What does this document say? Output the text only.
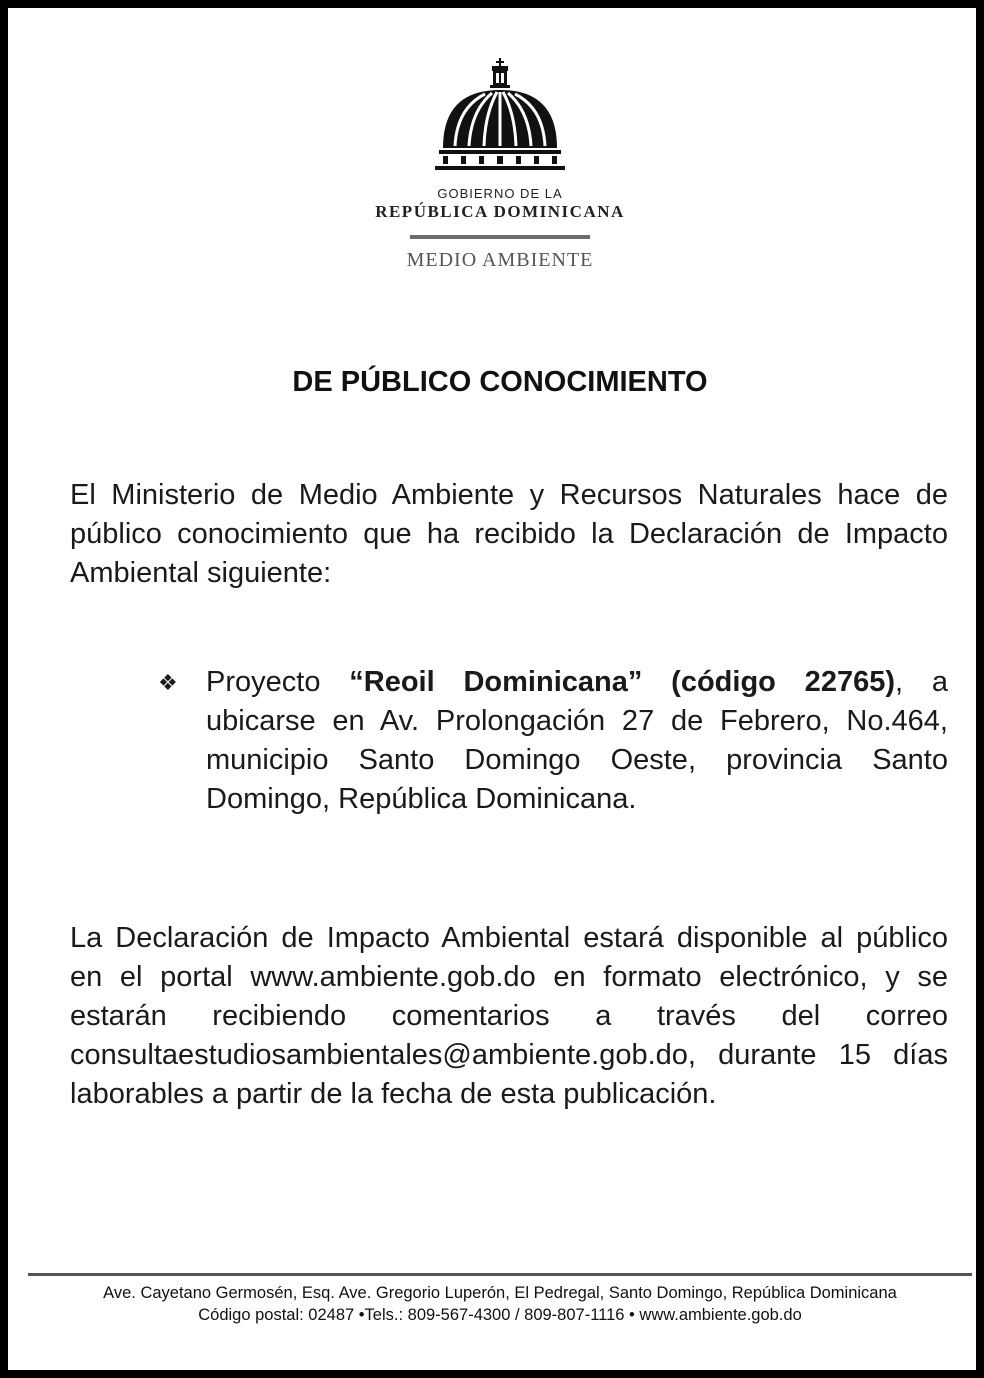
GOBIERNO DE LA
REPÚBLICA DOMINICANA
MEDIO AMBIENTE
DE PÚBLICO CONOCIMIENTO
El Ministerio de Medio Ambiente y Recursos Naturales hace de público conocimiento que ha recibido la Declaración de Impacto Ambiental siguiente:
❖ Proyecto “Reoil Dominicana” (código 22765), a ubicarse en Av. Prolongación 27 de Febrero, No.464, municipio Santo Domingo Oeste, provincia Santo Domingo, República Dominicana.
La Declaración de Impacto Ambiental estará disponible al público en el portal www.ambiente.gob.do en formato electrónico, y se estarán recibiendo comentarios a través del correo consultaestudiosambientales@ambiente.gob.do, durante 15 días laborables a partir de la fecha de esta publicación.
Ave. Cayetano Germosén, Esq. Ave. Gregorio Luperón, El Pedregal, Santo Domingo, República Dominicana
Código postal: 02487 •Tels.: 809-567-4300 / 809-807-1116 • www.ambiente.gob.do
